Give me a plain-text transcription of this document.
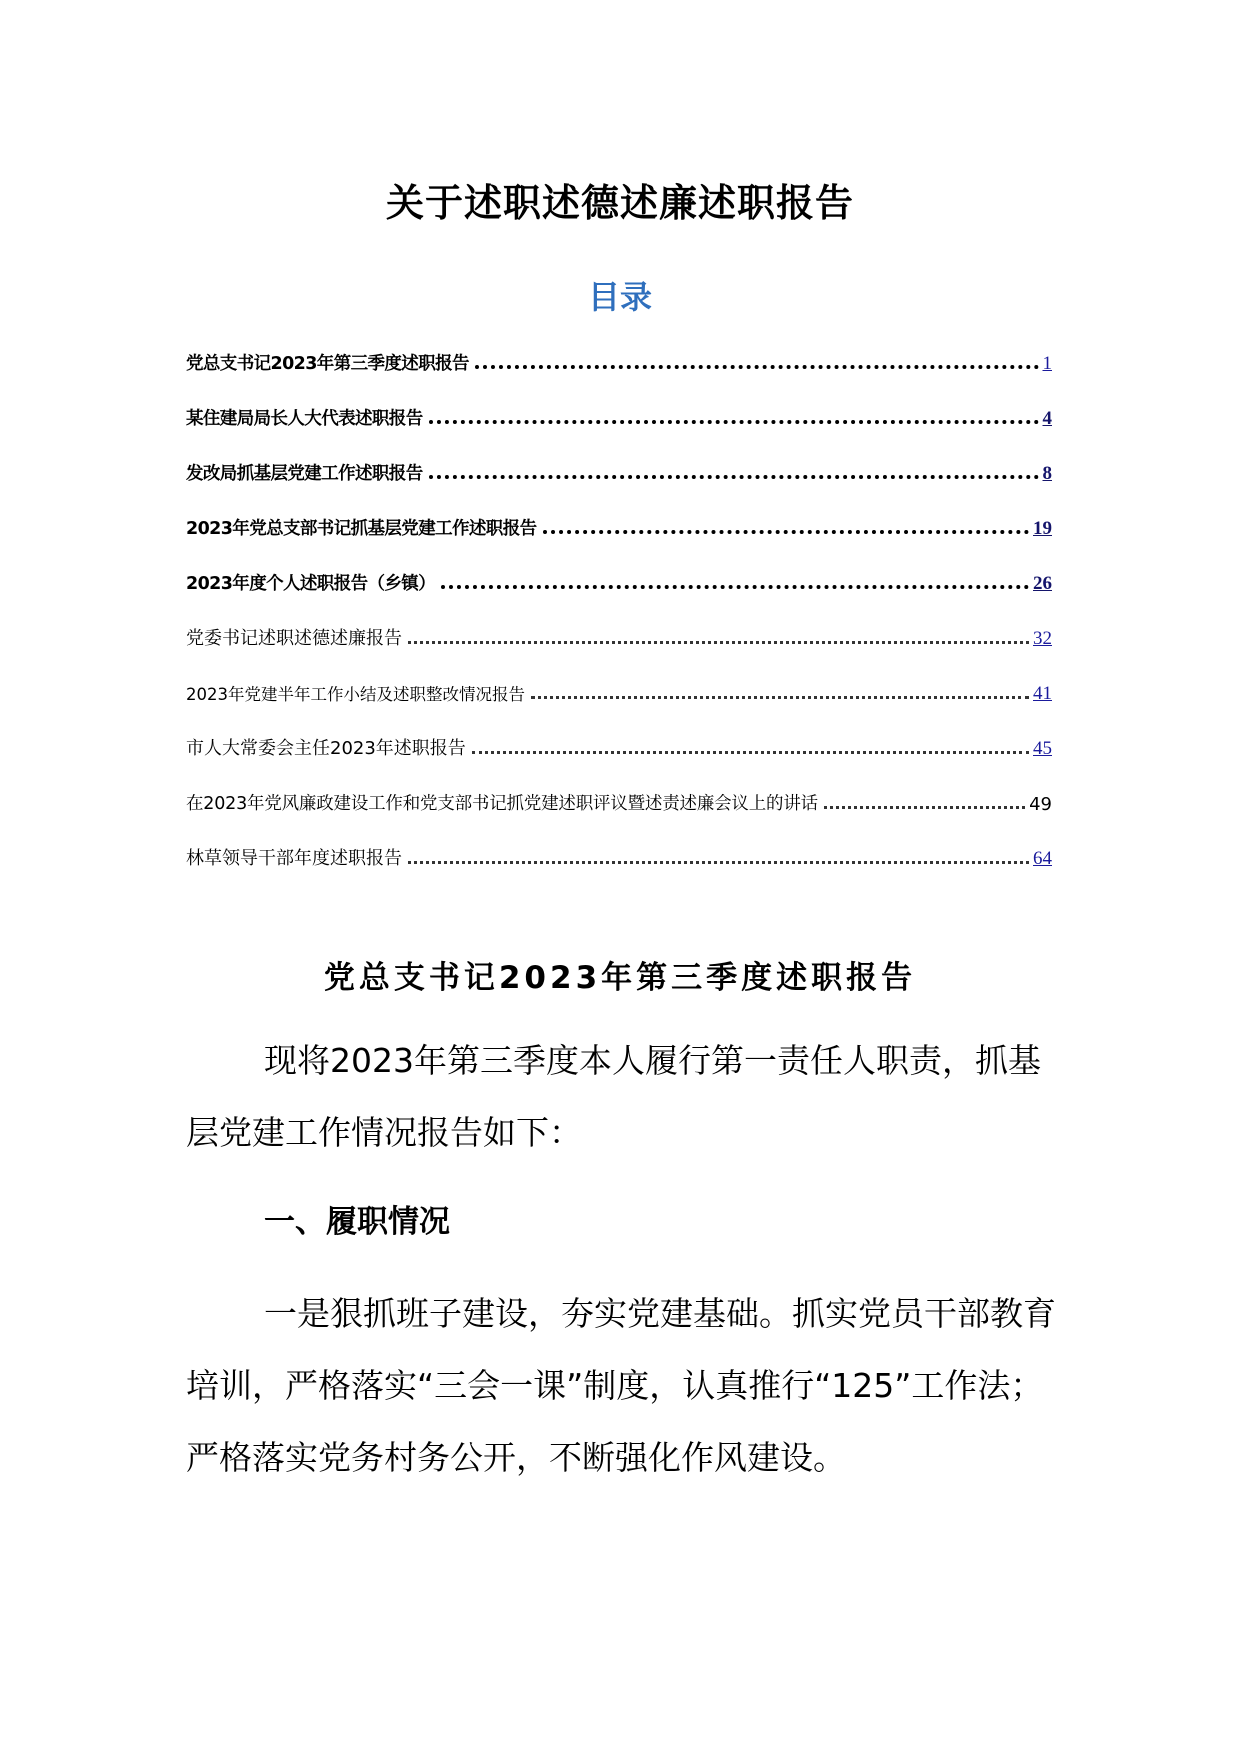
关于述职述德述廉述职报告
目录
党总支书记2023年第三季度述职报告	1
某住建局局长人大代表述职报告	4
发改局抓基层党建工作述职报告	8
2023年党总支部书记抓基层党建工作述职报告	19
2023年度个人述职报告（乡镇）	26
党委书记述职述德述廉报告	32
2023年党建半年工作小结及述职整改情况报告	41
市人大常委会主任2023年述职报告	45
在2023年党风廉政建设工作和党支部书记抓党建述职评议暨述责述廉会议上的讲话	49
林草领导干部年度述职报告	64
党总支书记2023年第三季度述职报告

现将2023年第三季度本人履行第一责任人职责，抓基层党建工作情况报告如下：

一、履职情况

一是狠抓班子建设，夯实党建基础。抓实党员干部教育培训，严格落实“三会一课”制度，认真推行“125”工作法；严格落实党务村务公开，不断强化作风建设。
